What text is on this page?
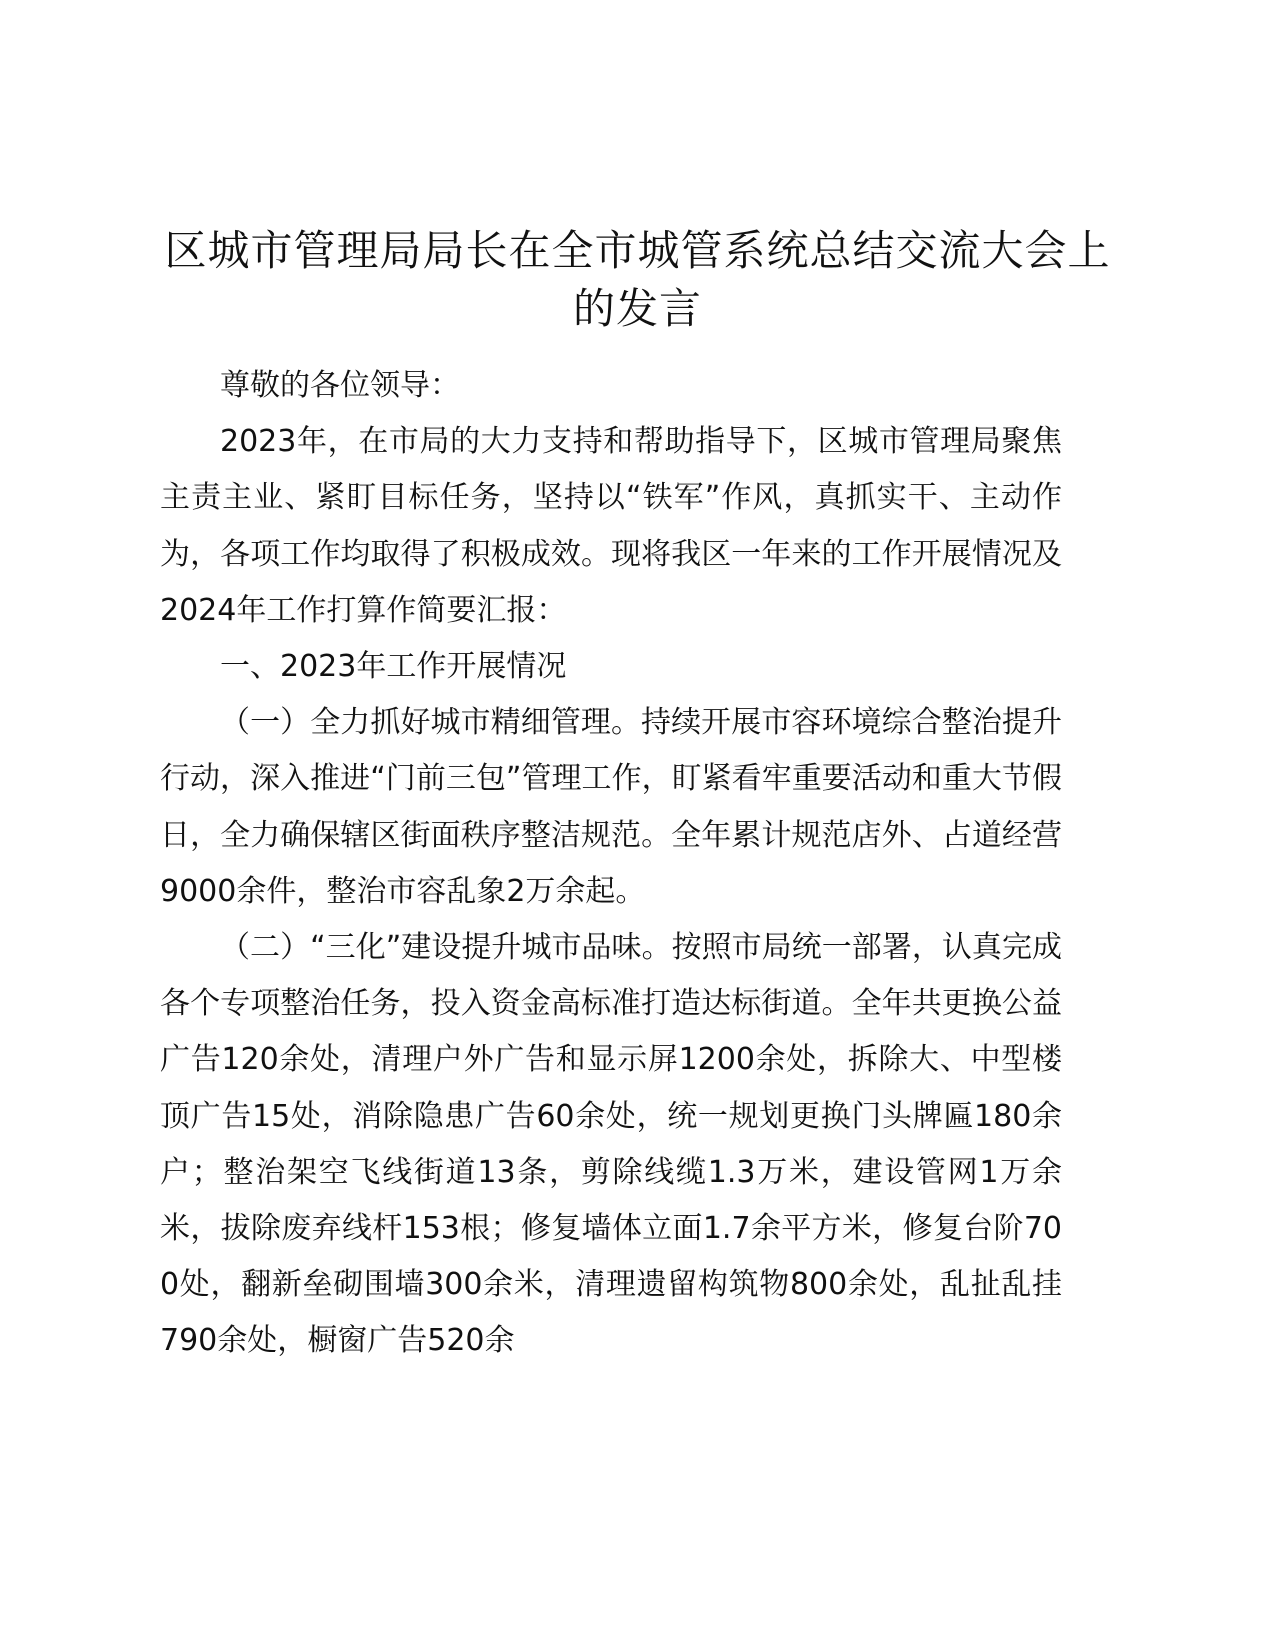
区城市管理局局长在全市城管系统总结交流大会上的发言

尊敬的各位领导：

2023年，在市局的大力支持和帮助指导下，区城市管理局聚焦主责主业、紧盯目标任务，坚持以“铁军”作风，真抓实干、主动作为，各项工作均取得了积极成效。现将我区一年来的工作开展情况及2024年工作打算作简要汇报：

一、2023年工作开展情况

（一）全力抓好城市精细管理。持续开展市容环境综合整治提升行动，深入推进“门前三包”管理工作，盯紧看牢重要活动和重大节假日，全力确保辖区街面秩序整洁规范。全年累计规范店外、占道经营9000余件，整治市容乱象2万余起。

（二）“三化”建设提升城市品味。按照市局统一部署，认真完成各个专项整治任务，投入资金高标准打造达标街道。全年共更换公益广告120余处，清理户外广告和显示屏1200余处，拆除大、中型楼顶广告15处，消除隐患广告60余处，统一规划更换门头牌匾180余户；整治架空飞线街道13条，剪除线缆1.3万米，建设管网1万余米，拔除废弃线杆153根；修复墙体立面1.7余平方米，修复台阶700处，翻新垒砌围墙300余米，清理遗留构筑物800余处，乱扯乱挂790余处，橱窗广告520余
